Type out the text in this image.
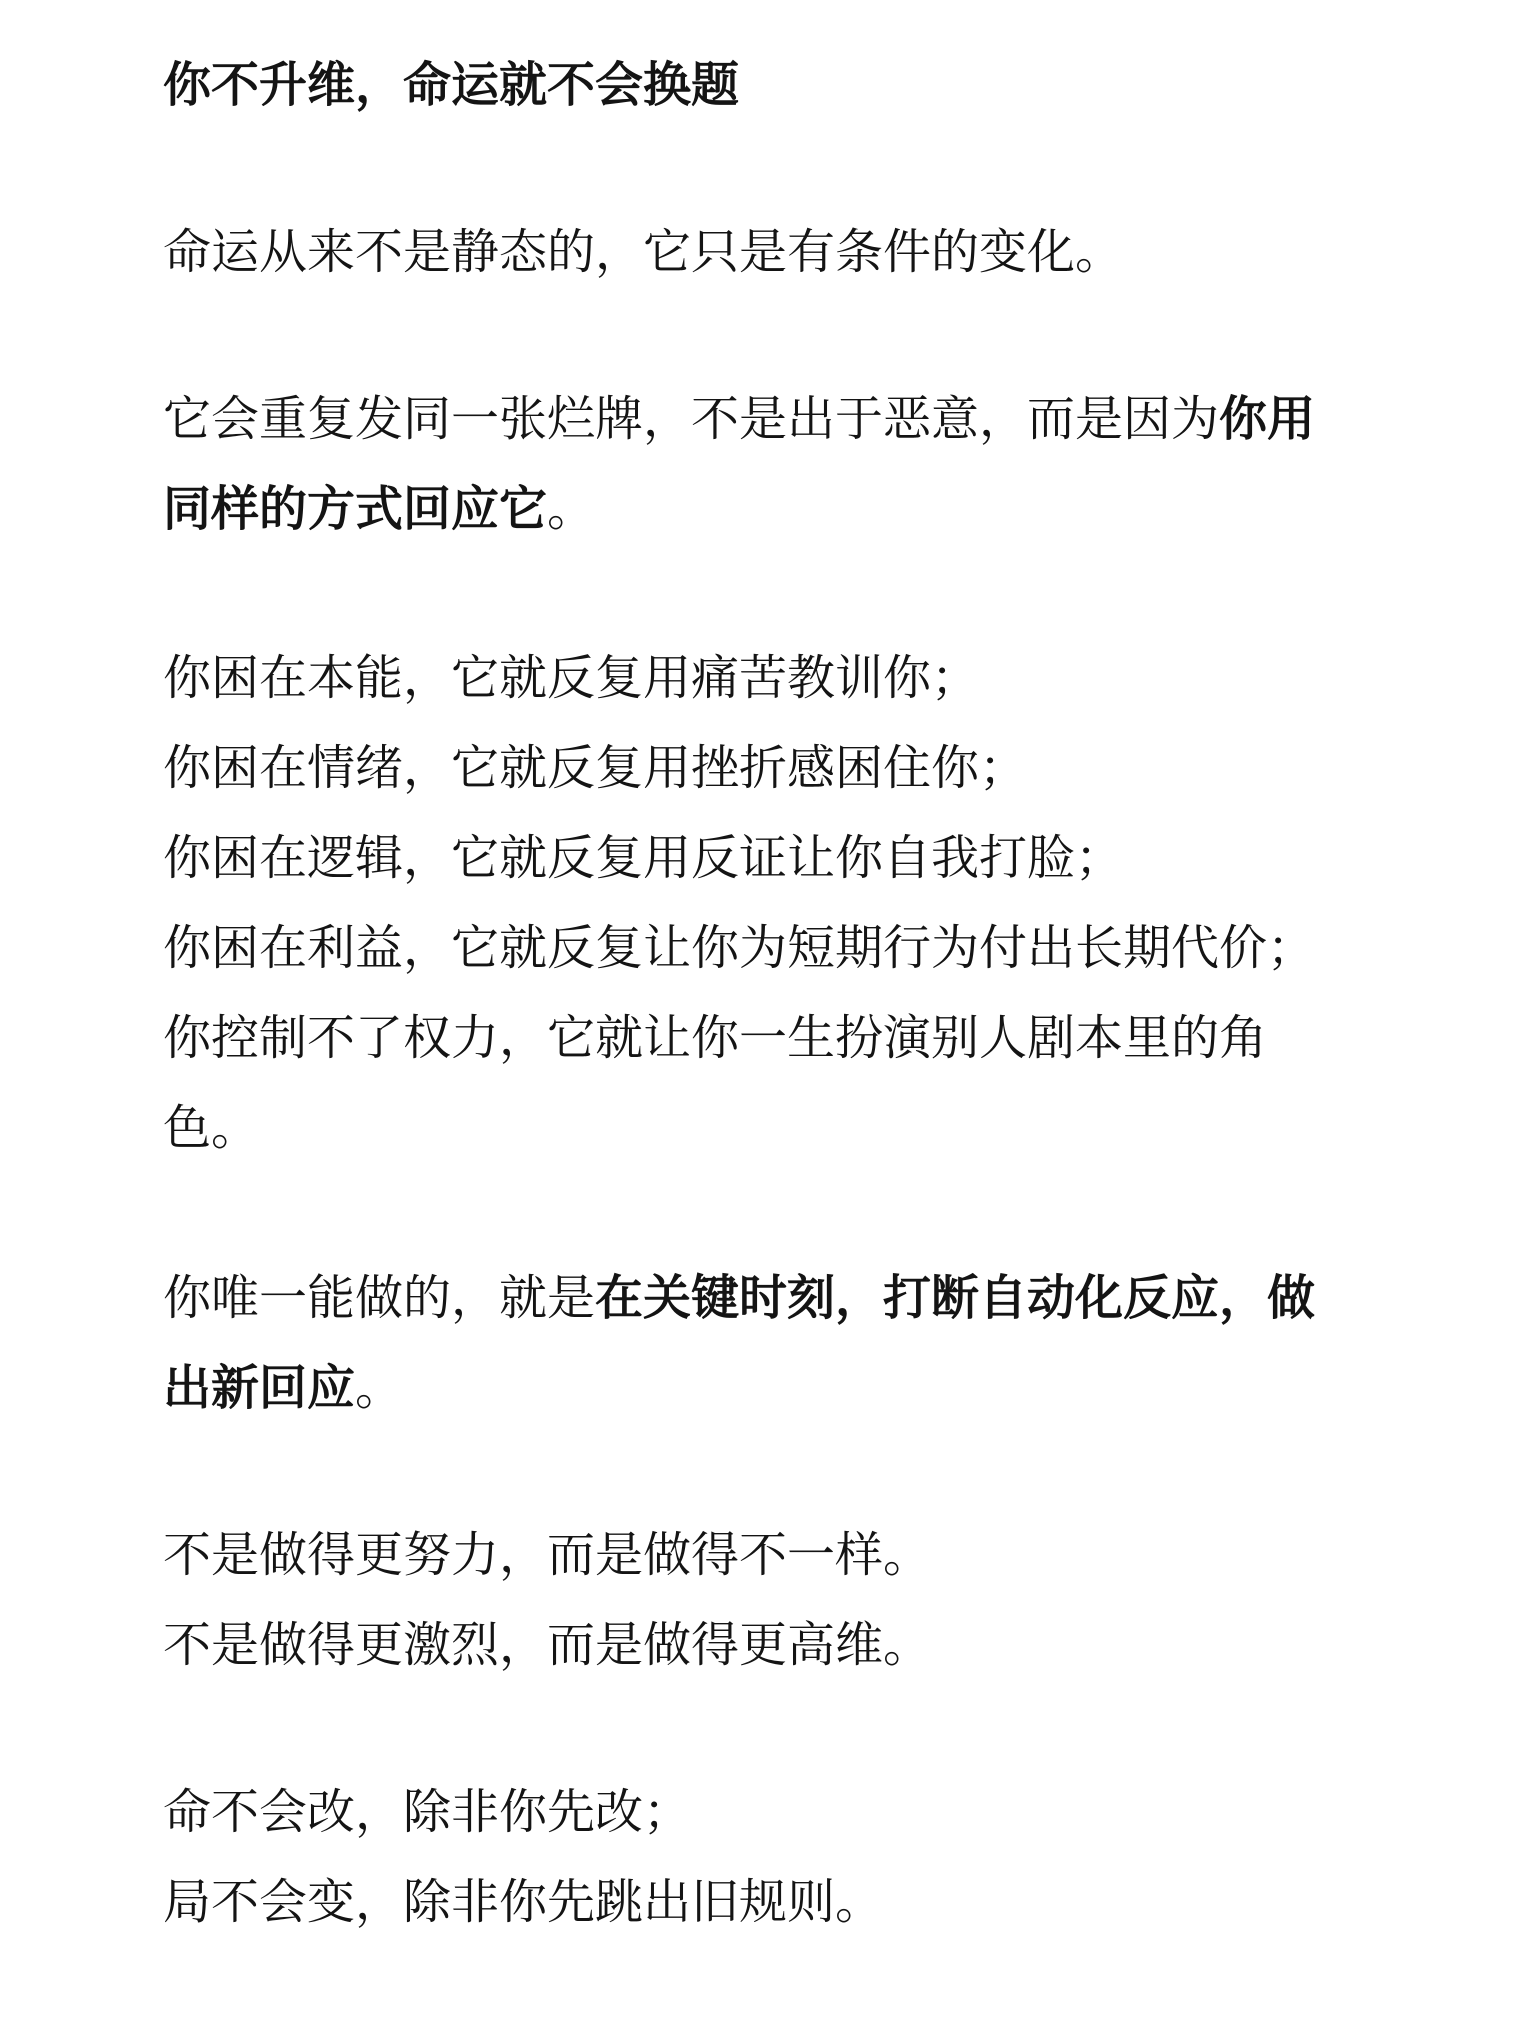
你不升维，命运就不会换题

命运从来不是静态的，它只是有条件的变化。

它会重复发同一张烂牌，不是出于恶意，而是因为你用同样的方式回应它。

你困在本能，它就反复用痛苦教训你；
你困在情绪，它就反复用挫折感困住你；
你困在逻辑，它就反复用反证让你自我打脸；
你困在利益，它就反复让你为短期行为付出长期代价；
你控制不了权力，它就让你一生扮演别人剧本里的角色。

你唯一能做的，就是在关键时刻，打断自动化反应，做出新回应。

不是做得更努力，而是做得不一样。
不是做得更激烈，而是做得更高维。
命不会改，除非你先改；
局不会变，除非你先跳出旧规则。
